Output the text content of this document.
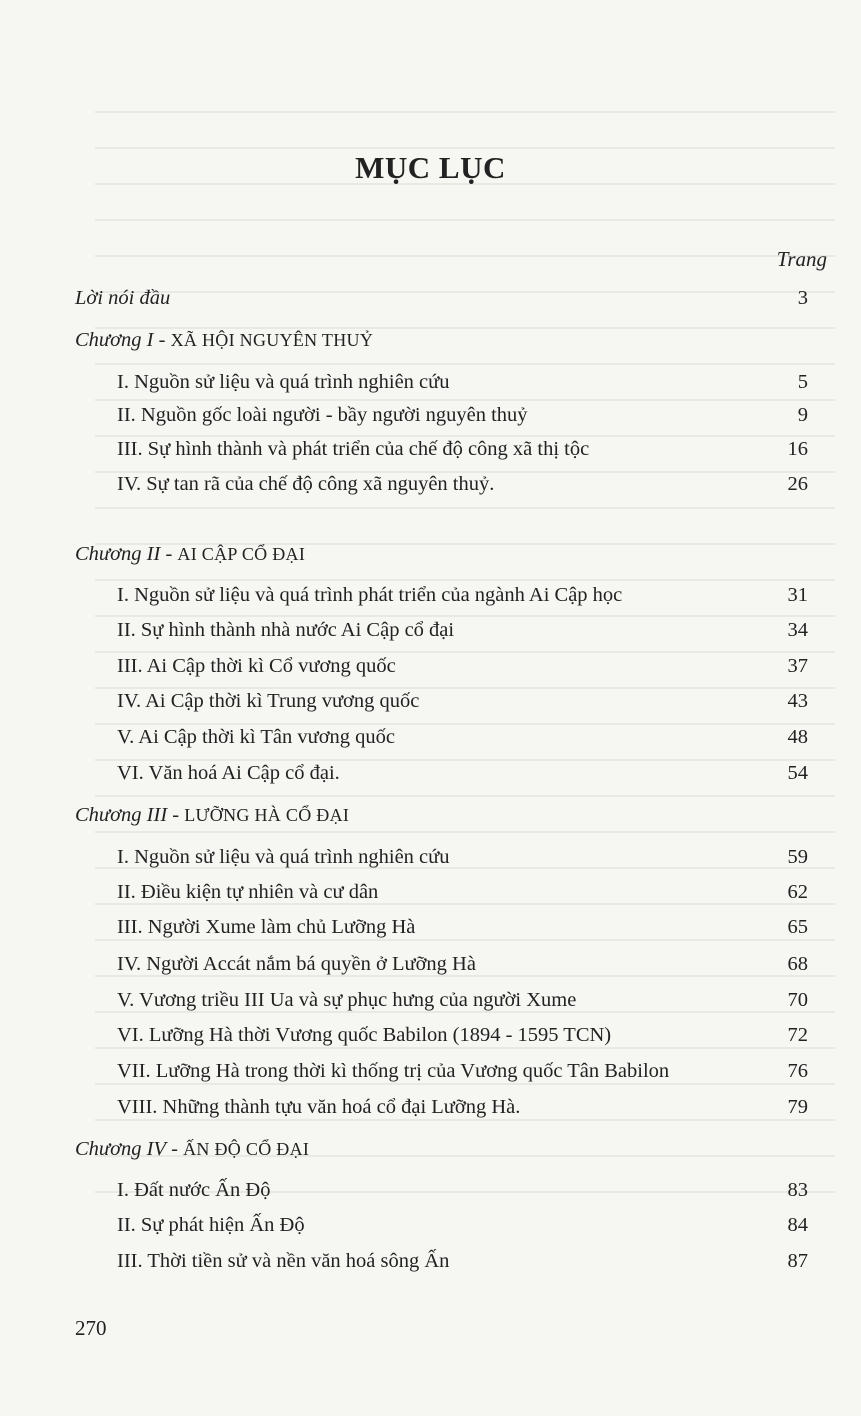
MỤC LỤC
Trang
Lời nói đầu	3
Chương I - XÃ HỘI NGUYÊN THUỶ
I. Nguồn sử liệu và quá trình nghiên cứu	5
II. Nguồn gốc loài người - bầy người nguyên thuỷ	9
III. Sự hình thành và phát triển của chế độ công xã thị tộc	16
IV. Sự tan rã của chế độ công xã nguyên thuỷ.	26
Chương II - AI CẬP CỔ ĐẠI
I. Nguồn sử liệu và quá trình phát triển của ngành Ai Cập học	31
II. Sự hình thành nhà nước Ai Cập cổ đại	34
III. Ai Cập thời kì Cổ vương quốc	37
IV. Ai Cập thời kì Trung vương quốc	43
V. Ai Cập thời kì Tân vương quốc	48
VI. Văn hoá Ai Cập cổ đại.	54
Chương III - LƯỠNG HÀ CỔ ĐẠI
I. Nguồn sử liệu và quá trình nghiên cứu	59
II. Điều kiện tự nhiên và cư dân	62
III. Người Xume làm chủ Lưỡng Hà	65
IV. Người Accát nắm bá quyền ở Lưỡng Hà	68
V. Vương triều III Ua và sự phục hưng của người Xume	70
VI. Lưỡng Hà thời Vương quốc Babilon (1894 - 1595 TCN)	72
VII. Lưỡng Hà trong thời kì thống trị của Vương quốc Tân Babilon	76
VIII. Những thành tựu văn hoá cổ đại Lưỡng Hà.	79
Chương IV - ẤN ĐỘ CỔ ĐẠI
I. Đất nước Ấn Độ	83
II. Sự phát hiện Ấn Độ	84
III. Thời tiền sử và nền văn hoá sông Ấn	87
270
